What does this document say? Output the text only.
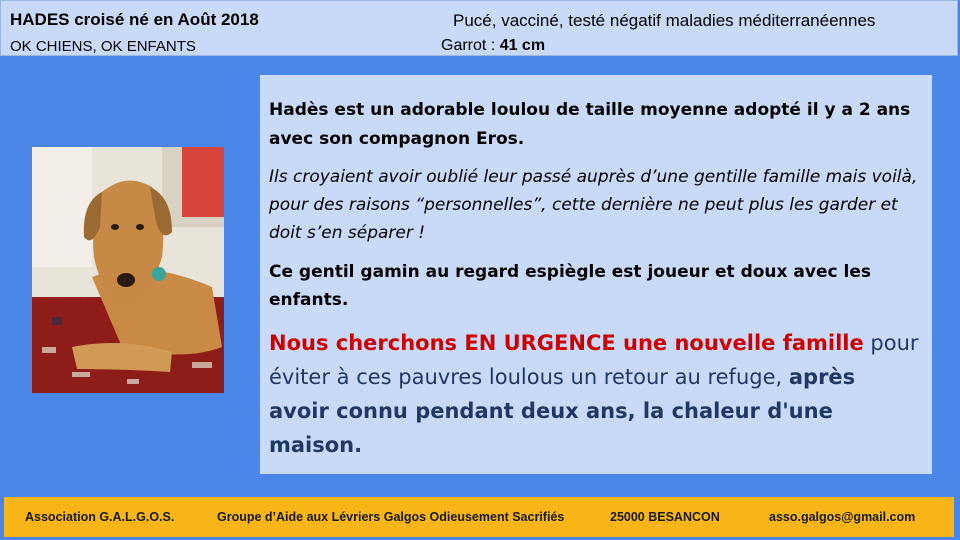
HADES croisé né en Août 2018
OK CHIENS, OK ENFANTS
Pucé, vacciné, testé négatif maladies méditerranéennes
Garrot : 41 cm

Hadès est un adorable loulou de taille moyenne adopté il y a 2 ans avec son compagnon Eros.

Ils croyaient avoir oublié leur passé auprès d’une gentille famille mais voilà, pour des raisons “personnelles”, cette dernière ne peut plus les garder et doit s’en séparer !

Ce gentil gamin au regard espiègle est joueur et doux avec les enfants.

Nous cherchons EN URGENCE une nouvelle famille pour éviter à ces pauvres loulous un retour au refuge, après avoir connu pendant deux ans, la chaleur d'une maison.

Association G.A.L.G.O.S.	Groupe d’Aide aux Lévriers Galgos Odieusement Sacrifiés	25000 BESANCON	asso.galgos@gmail.com
